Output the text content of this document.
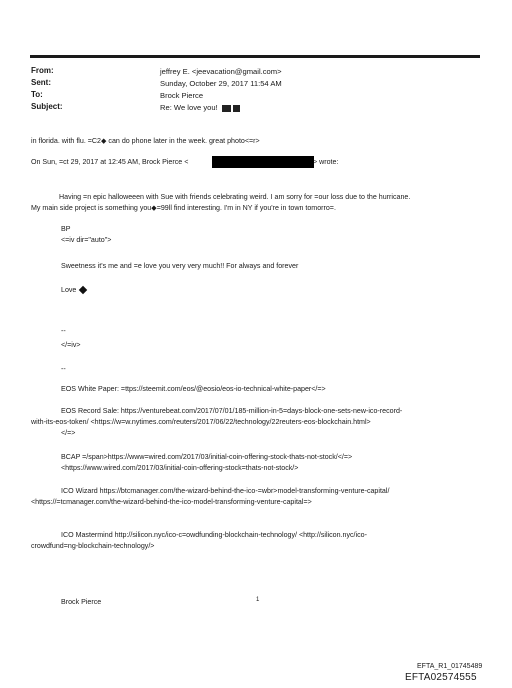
From:
Sent:
To:
Subject:
jeffrey E. <jeevacation@gmail.com>
Sunday, October 29, 2017 11:54 AM
Brock Pierce
Re: We love you!
in florida. with flu. =C2◆ can do phone later in the week. great photo<=r>
On Sun, =ct 29, 2017 at 12:45 AM, Brock Pierce <	> wrote:
Having =n epic halloweeen with Sue with friends celebrating weird. I am sorry for =our loss due to the hurricane.
My main side project is something you◆=99ll find interesting. I'm in NY if you're in town tomorro=.
BP
<=iv dir="auto">
Sweetness it's me and =e love you very very much!! For always and forever
Love
--
</=iv>
--
EOS White Paper: =ttps://steemit.com/eos/@eosio/eos-io-technical-white-paper</=>
EOS Record Sale: https://venturebeat.com/2017/07/01/185-million-in-5=days-block-one-sets-new-ico-record-
with-its-eos-token/ <https://w=w.nytimes.com/reuters/2017/06/22/technology/22reuters-eos-blockchain.html>
</=>
BCAP =/span>https://www=wired.com/2017/03/initial-coin-offering-stock-thats-not-stock/</=>
<https://www.wired.com/2017/03/initial-coin-offering-stock=thats-not-stock/>
ICO Wizard https://btcmanager.com/the-wizard-behind-the-ico-=wbr>model-transforming-venture-capital/
<https://=tcmanager.com/the-wizard-behind-the-ico-model-transforming-venture-capital=>
ICO Mastermind http://silicon.nyc/ico-c=owdfunding-blockchain-technology/ <http://silicon.nyc/ico-
crowdfund=ng-blockchain-technology/>
Brock Pierce	1
EFTA_R1_01745489
EFTA02574555
